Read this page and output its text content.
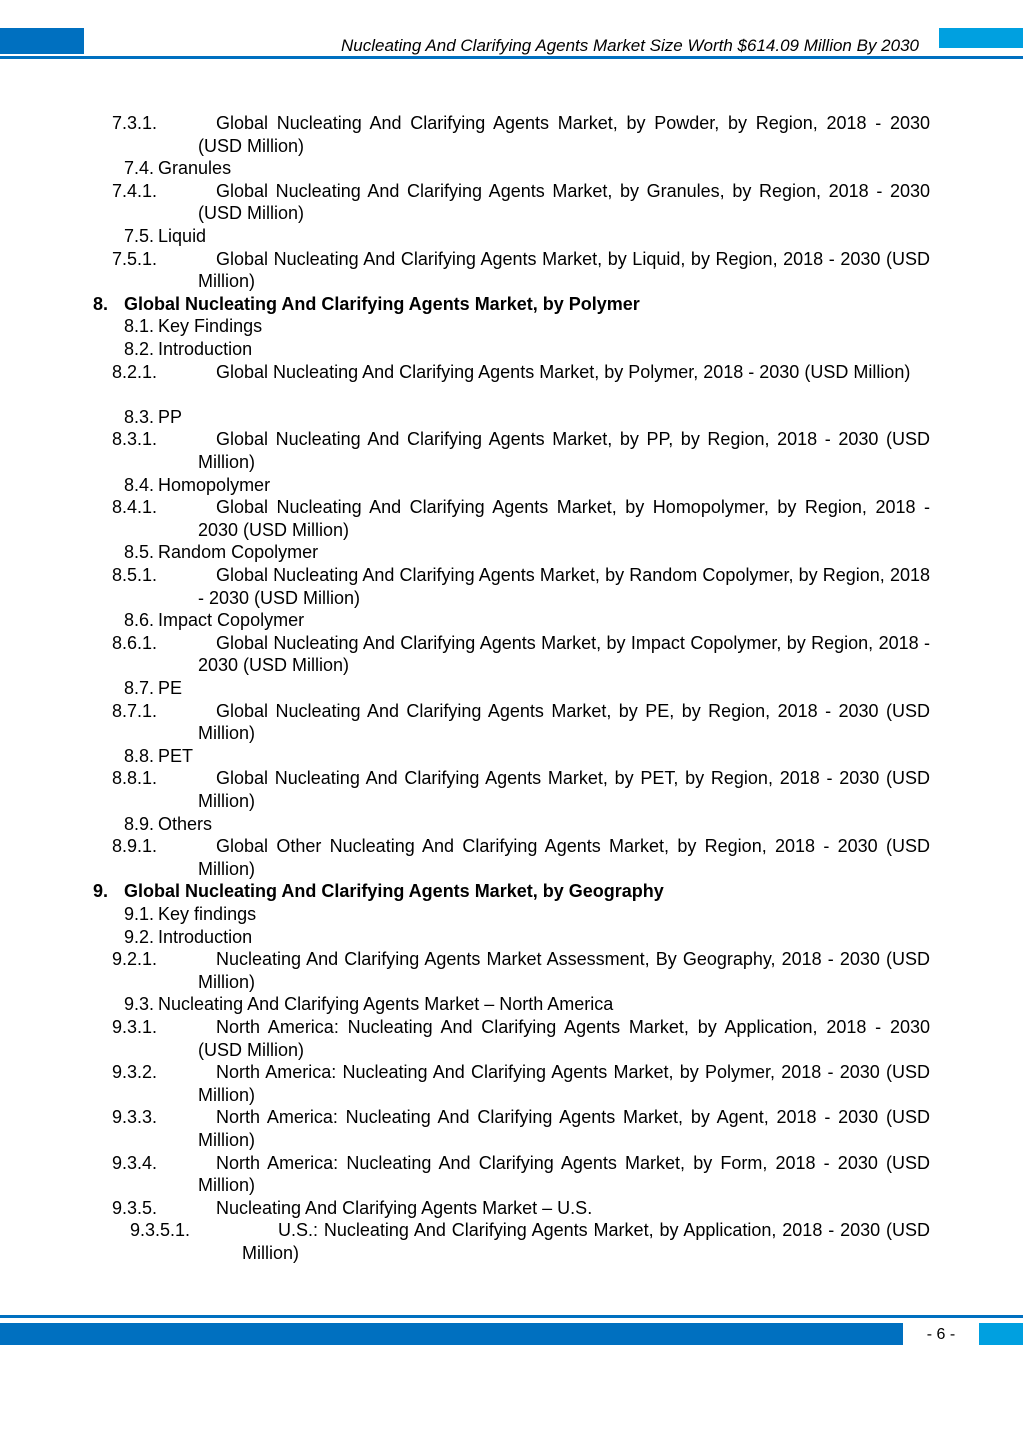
Nucleating And Clarifying Agents Market Size Worth $614.09 Million By 2030
7.3.1.	Global Nucleating And Clarifying Agents Market, by Powder, by Region, 2018 - 2030 (USD Million)
7.4. Granules
7.4.1.	Global Nucleating And Clarifying Agents Market, by Granules, by Region, 2018 - 2030 (USD Million)
7.5. Liquid
7.5.1.	Global Nucleating And Clarifying Agents Market, by Liquid, by Region, 2018 - 2030 (USD Million)
8. Global Nucleating And Clarifying Agents Market, by Polymer
8.1. Key Findings
8.2. Introduction
8.2.1.	Global Nucleating And Clarifying Agents Market, by Polymer, 2018 - 2030 (USD Million)
8.3. PP
8.3.1.	Global Nucleating And Clarifying Agents Market, by PP, by Region, 2018 - 2030 (USD Million)
8.4. Homopolymer
8.4.1.	Global Nucleating And Clarifying Agents Market, by Homopolymer, by Region, 2018 - 2030 (USD Million)
8.5. Random Copolymer
8.5.1.	Global Nucleating And Clarifying Agents Market, by Random Copolymer, by Region, 2018 - 2030 (USD Million)
8.6. Impact Copolymer
8.6.1.	Global Nucleating And Clarifying Agents Market, by Impact Copolymer, by Region, 2018 - 2030 (USD Million)
8.7. PE
8.7.1.	Global Nucleating And Clarifying Agents Market, by PE, by Region, 2018 - 2030 (USD Million)
8.8. PET
8.8.1.	Global Nucleating And Clarifying Agents Market, by PET, by Region, 2018 - 2030 (USD Million)
8.9. Others
8.9.1.	Global Other Nucleating And Clarifying Agents Market, by Region, 2018 - 2030 (USD Million)
9. Global Nucleating And Clarifying Agents Market, by Geography
9.1. Key findings
9.2. Introduction
9.2.1.	Nucleating And Clarifying Agents Market Assessment, By Geography, 2018 - 2030 (USD Million)
9.3. Nucleating And Clarifying Agents Market – North America
9.3.1.	North America: Nucleating And Clarifying Agents Market, by Application, 2018 - 2030 (USD Million)
9.3.2.	North America: Nucleating And Clarifying Agents Market, by Polymer, 2018 - 2030 (USD Million)
9.3.3.	North America: Nucleating And Clarifying Agents Market, by Agent, 2018 - 2030 (USD Million)
9.3.4.	North America: Nucleating And Clarifying Agents Market, by Form, 2018 - 2030 (USD Million)
9.3.5.	Nucleating And Clarifying Agents Market – U.S.
9.3.5.1.	U.S.: Nucleating And Clarifying Agents Market, by Application, 2018 - 2030 (USD Million)
- 6 -
